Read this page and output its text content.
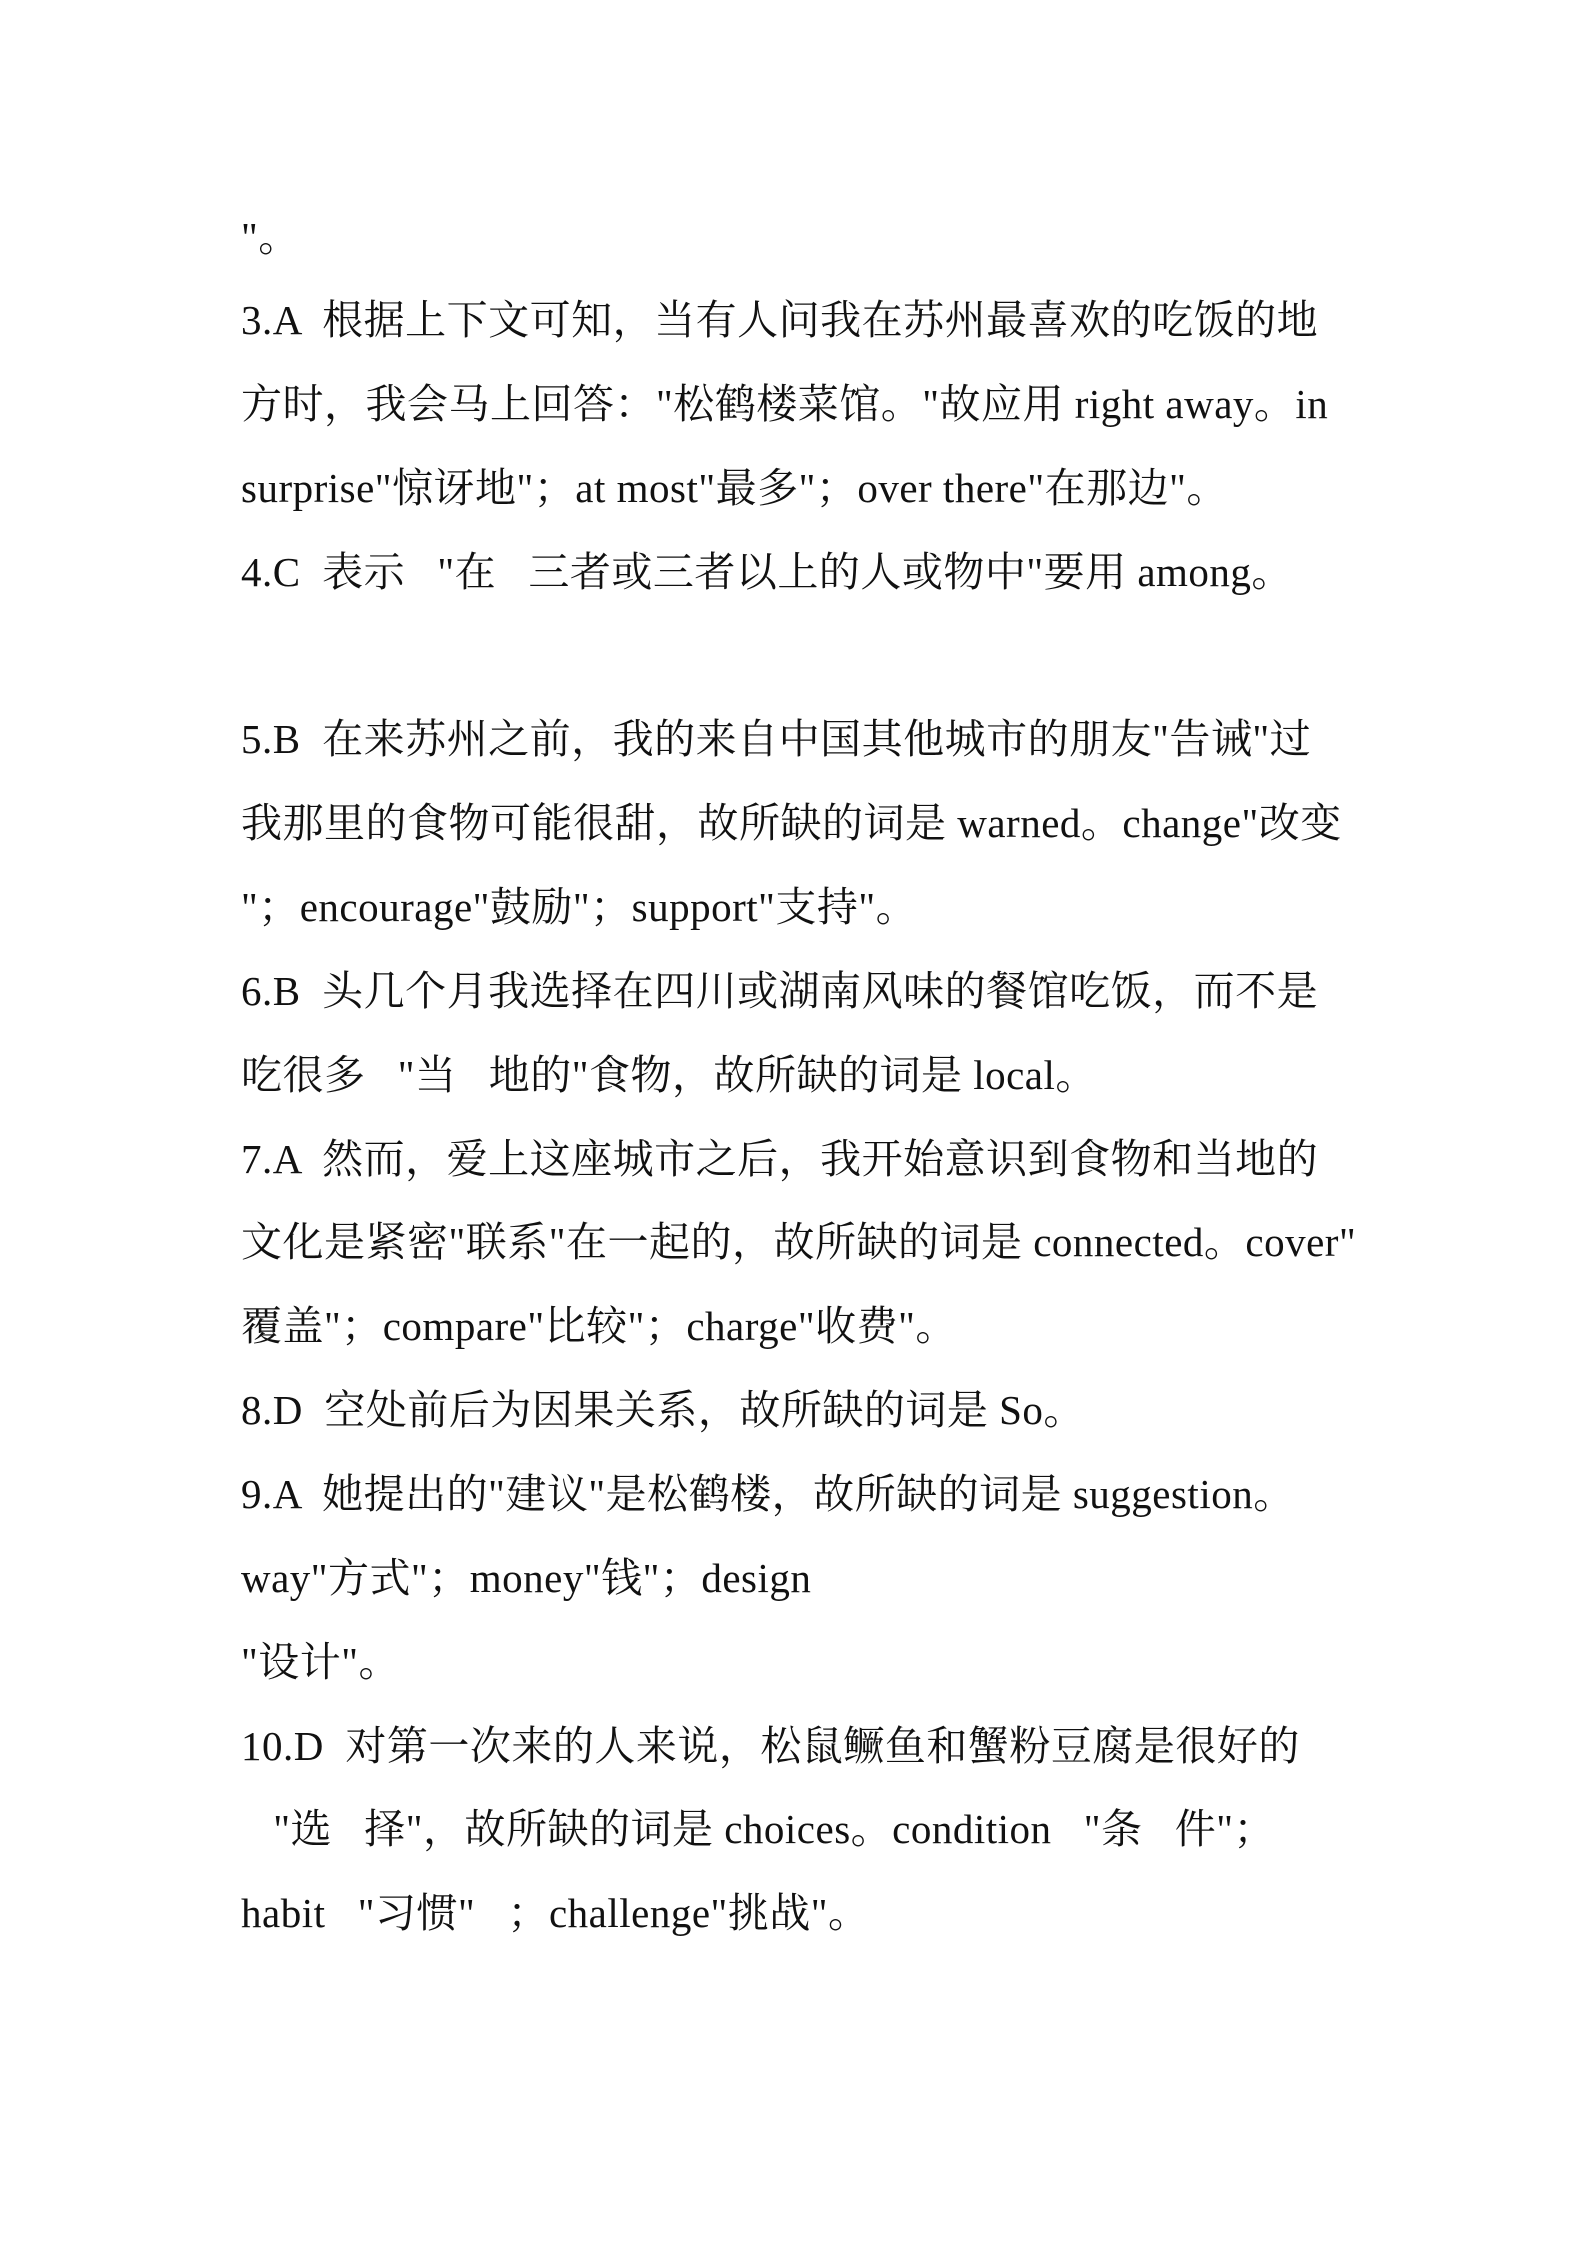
"。
3.A  根据上下文可知，当有人问我在苏州最喜欢的吃饭的地
方时，我会马上回答："松鹤楼菜馆。"故应用 right away。in
surprise"惊讶地"；at most"最多"；over there"在那边"。
4.C  表示   "在   三者或三者以上的人或物中"要用 among。
5.B  在来苏州之前，我的来自中国其他城市的朋友"告诫"过
我那里的食物可能很甜，故所缺的词是 warned。change"改变
"；encourage"鼓励"；support"支持"。
6.B  头几个月我选择在四川或湖南风味的餐馆吃饭，而不是
吃很多   "当   地的"食物，故所缺的词是 local。
7.A  然而，爱上这座城市之后，我开始意识到食物和当地的
文化是紧密"联系"在一起的，故所缺的词是 connected。cover"
覆盖"；compare"比较"；charge"收费"。
8.D  空处前后为因果关系，故所缺的词是 So。
9.A  她提出的"建议"是松鹤楼，故所缺的词是 suggestion。
way"方式"；money"钱"；design
"设计"。
10.D  对第一次来的人来说，松鼠鳜鱼和蟹粉豆腐是很好的
"选   择"，故所缺的词是 choices。condition   "条   件"；
habit   "习惯"   ；challenge"挑战"。
